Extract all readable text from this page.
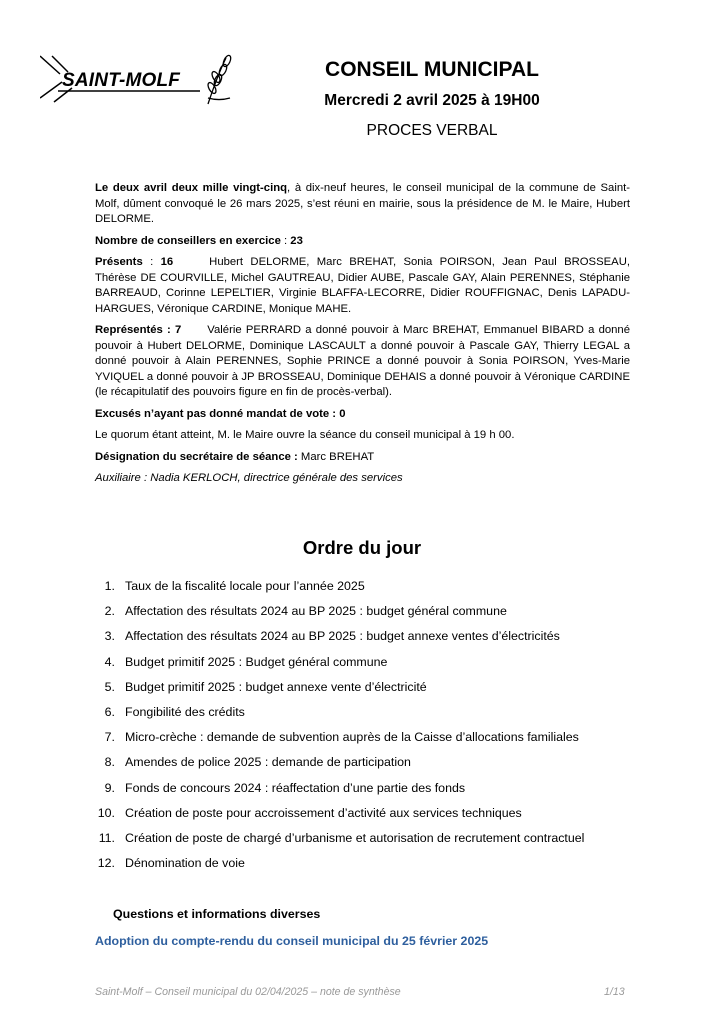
SAINT-MOLF	CONSEIL MUNICIPAL
Mercredi 2 avril 2025 à 19H00
PROCES VERBAL

Le deux avril deux mille vingt-cinq, à dix-neuf heures, le conseil municipal de la commune de Saint-Molf, dûment convoqué le 26 mars 2025, s’est réuni en mairie, sous la présidence de M. le Maire, Hubert DELORME.

Nombre de conseillers en exercice : 23

Présents : 16	Hubert DELORME, Marc BREHAT, Sonia POIRSON, Jean Paul BROSSEAU, Thérèse DE COURVILLE, Michel GAUTREAU, Didier AUBE, Pascale GAY, Alain PERENNES, Stéphanie BARREAUD, Corinne LEPELTIER, Virginie BLAFFA-LECORRE, Didier ROUFFIGNAC, Denis LAPADU-HARGUES, Véronique CARDINE, Monique MAHE.

Représentés : 7 Valérie PERRARD a donné pouvoir à Marc BREHAT, Emmanuel BIBARD a donné pouvoir à Hubert DELORME, Dominique LASCAULT a donné pouvoir à Pascale GAY, Thierry LEGAL a donné pouvoir à Alain PERENNES, Sophie PRINCE a donné pouvoir à Sonia POIRSON, Yves-Marie YVIQUEL a donné pouvoir à JP BROSSEAU, Dominique DEHAIS a donné pouvoir à Véronique CARDINE (le récapitulatif des pouvoirs figure en fin de procès-verbal).

Excusés n’ayant pas donné mandat de vote : 0

Le quorum étant atteint, M. le Maire ouvre la séance du conseil municipal à 19 h 00.

Désignation du secrétaire de séance : Marc BREHAT

Auxiliaire : Nadia KERLOCH, directrice générale des services

Ordre du jour
1. Taux de la fiscalité locale pour l’année 2025
2. Affectation des résultats 2024 au BP 2025 : budget général commune
3. Affectation des résultats 2024 au BP 2025 : budget annexe ventes d’électricités
4. Budget primitif 2025 : Budget général commune
5. Budget primitif 2025 : budget annexe vente d’électricité
6. Fongibilité des crédits
7. Micro-crèche : demande de subvention auprès de la Caisse d’allocations familiales
8. Amendes de police 2025 : demande de participation
9. Fonds de concours 2024 : réaffectation d’une partie des fonds
10. Création de poste pour accroissement d’activité aux services techniques
11. Création de poste de chargé d’urbanisme et autorisation de recrutement contractuel
12. Dénomination de voie
Questions et informations diverses
Adoption du compte-rendu du conseil municipal du 25 février 2025
Saint-Molf – Conseil municipal du 02/04/2025 – note de synthèse	1/13
